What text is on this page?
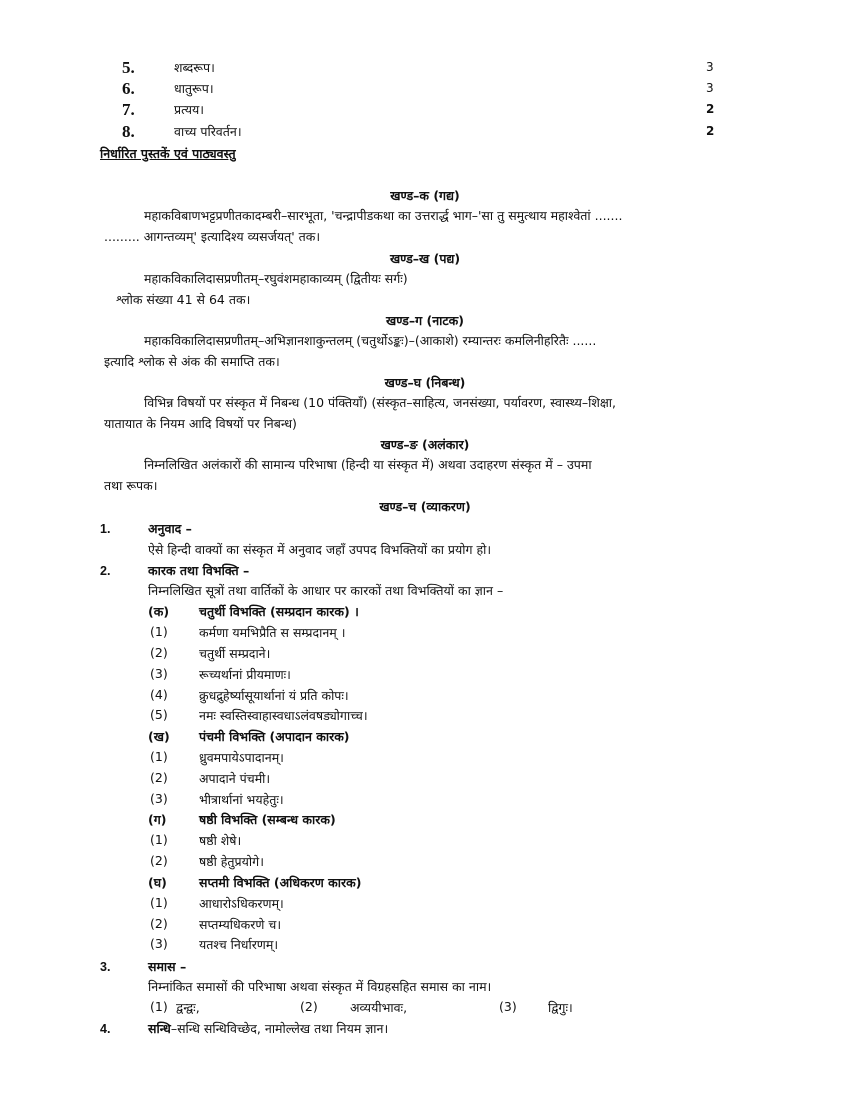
5.	शब्दरूप।	3
6.	धातुरूप।	3
7.	प्रत्यय।	2
8.	वाच्य परिवर्तन।	2
निर्धारित पुस्तकें एवं पाठ्यवस्तु
खण्ड–क (गद्य)
महाकविबाणभट्टप्रणीतकादम्बरी–सारभूता, 'चन्द्रापीडकथा का उत्तरार्द्ध भाग–'सा तु समुत्थाय महाश्वेतां .......
......... आगन्तव्यम्' इत्यादिश्य व्यसर्जयत्' तक।
खण्ड–ख (पद्य)
महाकविकालिदासप्रणीतम्–रघुवंशमहाकाव्यम् (द्वितीयः सर्गः)
श्लोक संख्या 41 से 64 तक।
खण्ड–ग (नाटक)
महाकविकालिदासप्रणीतम्–अभिज्ञानशाकुन्तलम् (चतुर्थोऽङ्कः)–(आकाशे) रम्यान्तरः कमलिनीहरितैः ......
इत्यादि श्लोक से अंक की समाप्ति तक।
खण्ड–घ (निबन्ध)
विभिन्न विषयों पर संस्कृत में निबन्ध (10 पंक्तियाँ) (संस्कृत–साहित्य, जनसंख्या, पर्यावरण, स्वास्थ्य–शिक्षा,
यातायात के नियम आदि विषयों पर निबन्ध)
खण्ड–ङ (अलंकार)
निम्नलिखित अलंकारों की सामान्य परिभाषा (हिन्दी या संस्कृत में) अथवा उदाहरण संस्कृत में – उपमा
तथा रूपक।
खण्ड–च (व्याकरण)
1.	अनुवाद –
ऐसे हिन्दी वाक्यों का संस्कृत में अनुवाद जहाँ उपपद विभक्तियों का प्रयोग हो।
2.	कारक तथा विभक्ति –
निम्नलिखित सूत्रों तथा वार्तिकों के आधार पर कारकों तथा विभक्तियों का ज्ञान –
(क) चतुर्थी विभक्ति (सम्प्रदान कारक) ।
(1)	कर्मणा यमभिप्रैति स सम्प्रदानम् ।
(2)	चतुर्थी सम्प्रदाने।
(3)	रूच्यर्थानां प्रीयमाणः।
(4)	क्रुधद्रुहेर्ष्यासूयार्थानां यं प्रति कोपः।
(5)	नमः स्वस्तिस्वाहास्वधाऽलंवषड्योगाच्च।
(ख) पंचमी विभक्ति (अपादान कारक)
(1)	ध्रुवमपायेऽपादानम्।
(2)	अपादाने पंचमी।
(3)	भीत्रार्थानां भयहेतुः।
(ग)	षष्ठी विभक्ति (सम्बन्ध कारक)
(1)	षष्ठी शेषे।
(2)	षष्ठी हेतुप्रयोगे।
(घ)	सप्तमी विभक्ति (अधिकरण कारक)
(1)	आधारोऽधिकरणम्।
(2)	सप्तम्यधिकरणे च।
(3)	यतश्च निर्धारणम्।
3.	समास –
निम्नांकित समासों की परिभाषा अथवा संस्कृत में विग्रहसहित समास का नाम।
(1) द्वन्द्वः,	(2)	अव्ययीभावः,	(3)	द्विगुः।
4.	सन्धि–सन्धि सन्धिविच्छेद, नामोल्लेख तथा नियम ज्ञान।
